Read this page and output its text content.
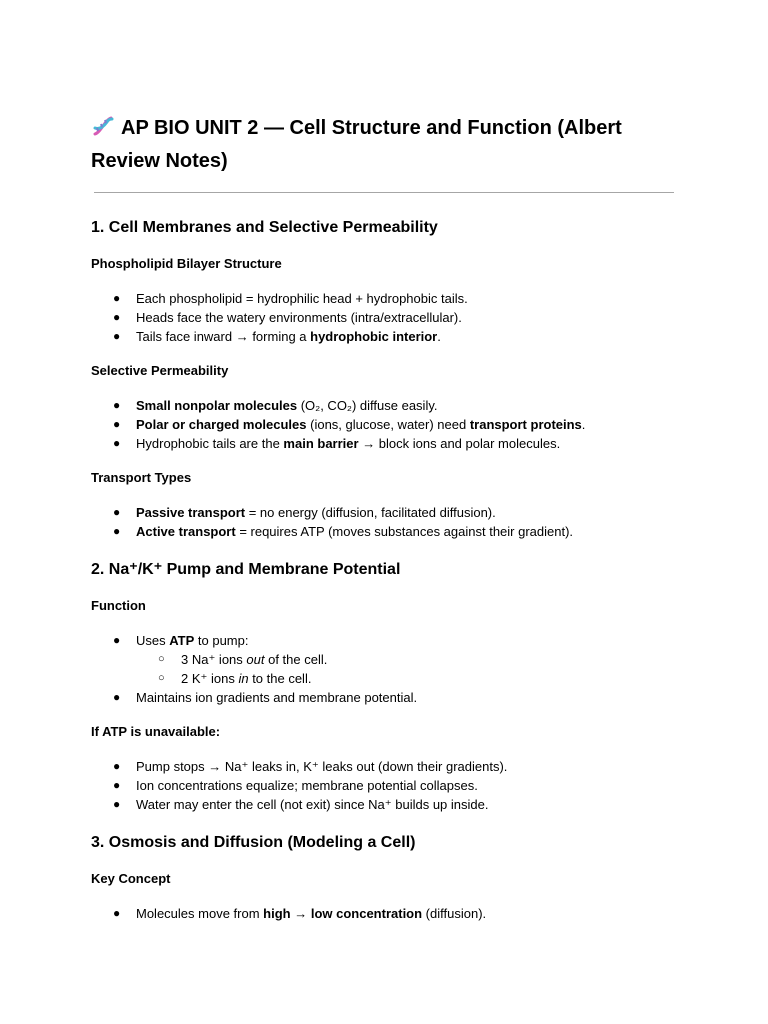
AP BIO UNIT 2 — Cell Structure and Function (Albert Review Notes)
1. Cell Membranes and Selective Permeability
Phospholipid Bilayer Structure
● Each phospholipid = hydrophilic head + hydrophobic tails.
● Heads face the watery environments (intra/extracellular).
● Tails face inward → forming a hydrophobic interior.
Selective Permeability
● Small nonpolar molecules (O₂, CO₂) diffuse easily.
● Polar or charged molecules (ions, glucose, water) need transport proteins.
● Hydrophobic tails are the main barrier → block ions and polar molecules.
Transport Types
● Passive transport = no energy (diffusion, facilitated diffusion).
● Active transport = requires ATP (moves substances against their gradient).
2. Na⁺/K⁺ Pump and Membrane Potential
Function
● Uses ATP to pump:
○ 3 Na⁺ ions out of the cell.
○ 2 K⁺ ions in to the cell.
● Maintains ion gradients and membrane potential.
If ATP is unavailable:
● Pump stops → Na⁺ leaks in, K⁺ leaks out (down their gradients).
● Ion concentrations equalize; membrane potential collapses.
● Water may enter the cell (not exit) since Na⁺ builds up inside.
3. Osmosis and Diffusion (Modeling a Cell)
Key Concept
● Molecules move from high → low concentration (diffusion).
